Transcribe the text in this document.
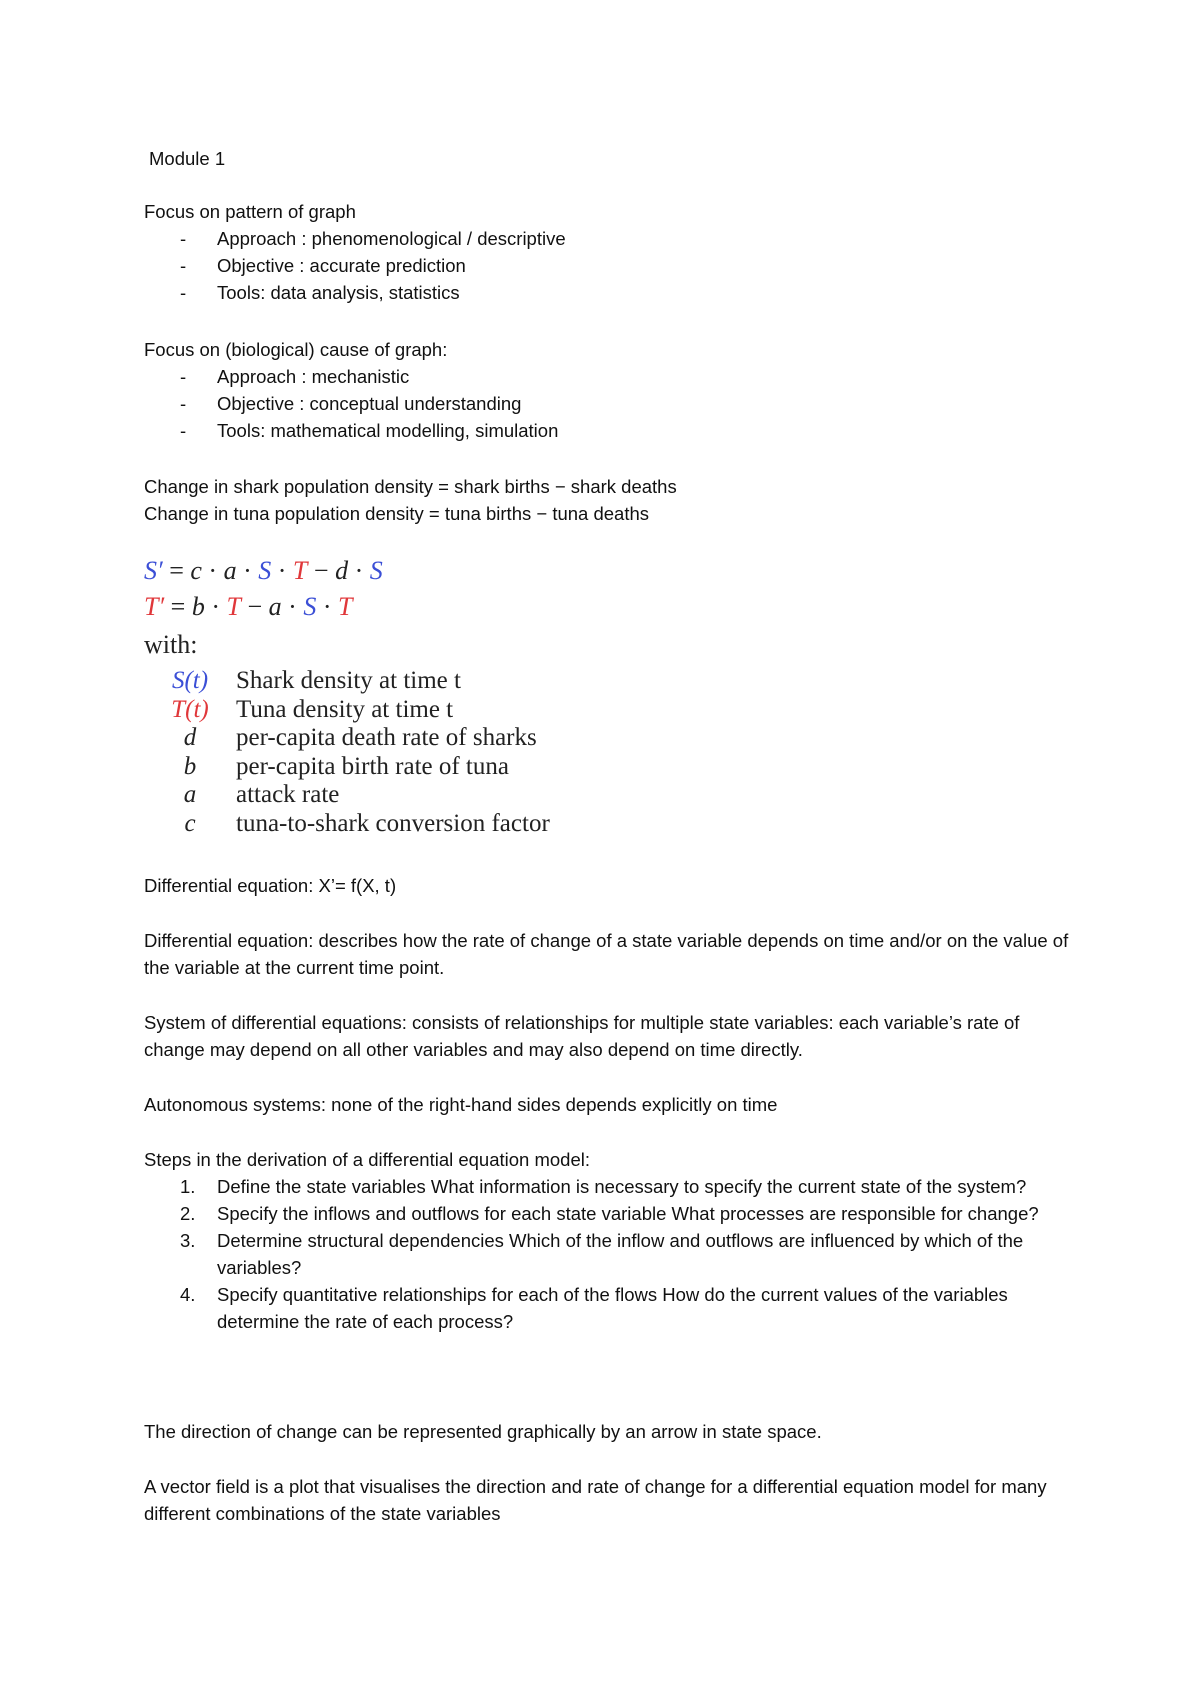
Module 1
Focus on pattern of graph
- Approach : phenomenological / descriptive
- Objective : accurate prediction
- Tools: data analysis, statistics
Focus on (biological) cause of graph:
- Approach : mechanistic
- Objective : conceptual understanding
- Tools: mathematical modelling, simulation
Change in shark population density = shark births − shark deaths
Change in tuna population density = tuna births − tuna deaths
S′ = c · a · S · T − d · S
T′ = b · T − a · S · T
with:
S(t)	Shark density at time t
T(t)	Tuna density at time t
d	per-capita death rate of sharks
b	per-capita birth rate of tuna
a	attack rate
c	tuna-to-shark conversion factor

Differential equation: X’= f(X, t)

Differential equation: describes how the rate of change of a state variable depends on time and/or on the value of the variable at the current time point.

System of differential equations: consists of relationships for multiple state variables: each variable’s rate of change may depend on all other variables and may also depend on time directly.

Autonomous systems: none of the right-hand sides depends explicitly on time

Steps in the derivation of a differential equation model:
1. Define the state variables What information is necessary to specify the current state of the system?
2. Specify the inflows and outflows for each state variable What processes are responsible for change?
3. Determine structural dependencies Which of the inflow and outflows are influenced by which of the variables?
4. Specify quantitative relationships for each of the flows How do the current values of the variables determine the rate of each process?

The direction of change can be represented graphically by an arrow in state space.

A vector field is a plot that visualises the direction and rate of change for a differential equation model for many different combinations of the state variables
